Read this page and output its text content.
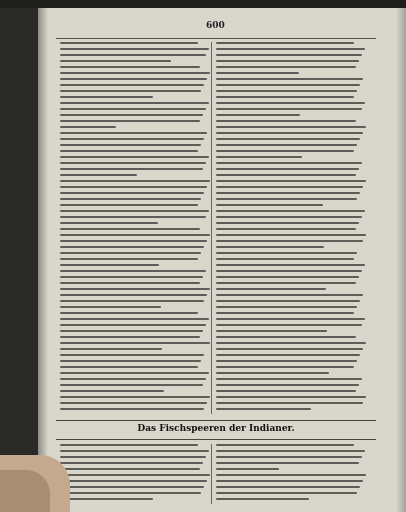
600
Das Fischspeeren der Indianer.
